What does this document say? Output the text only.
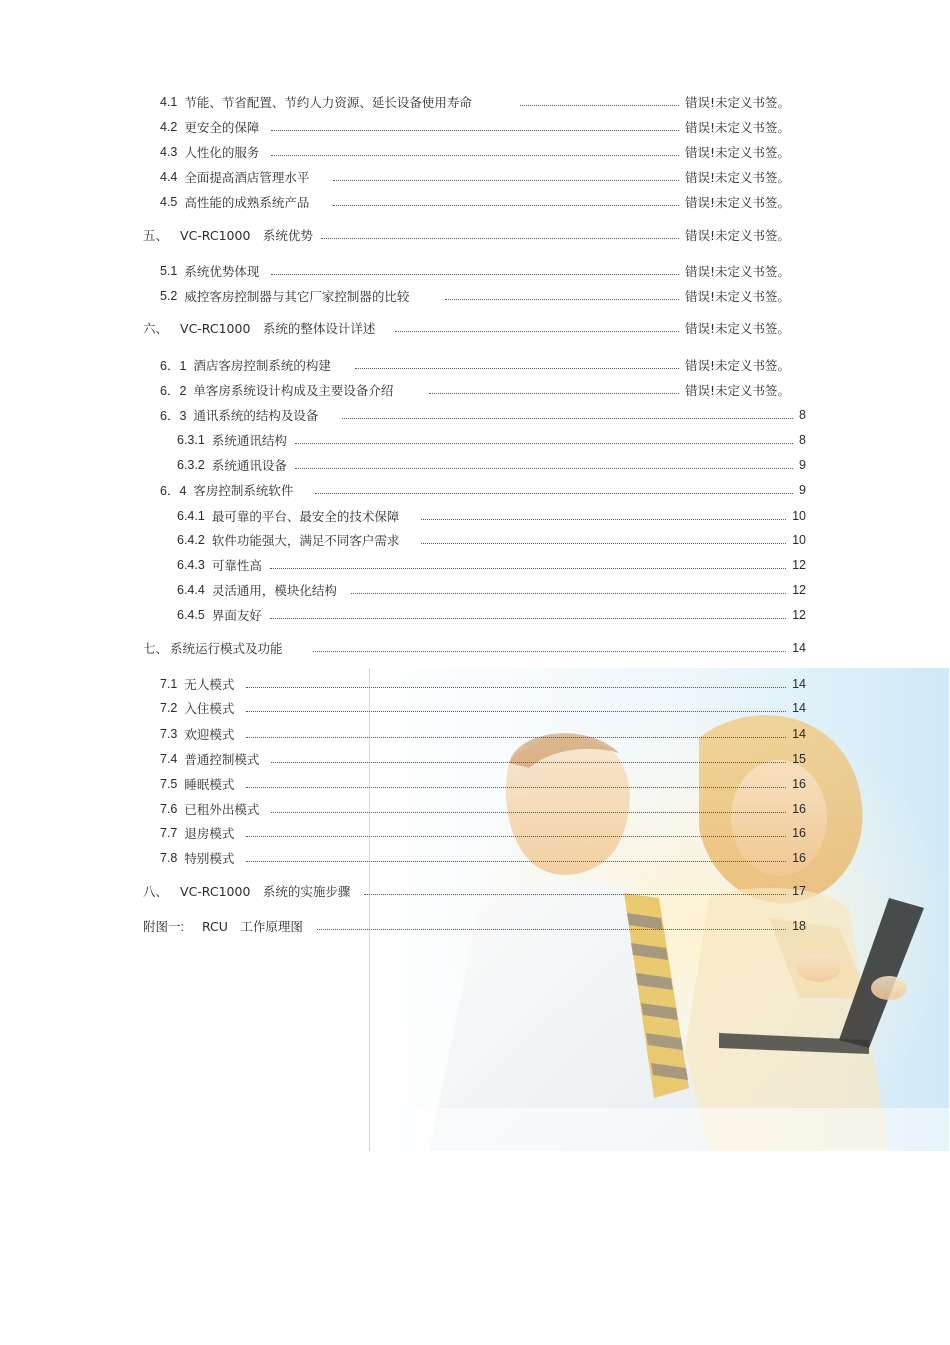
4.1 节能、节省配置、节约人力资源、延长设备使用寿命	错误!未定义书签。
4.2 更安全的保障	错误!未定义书签。
4.3 人性化的服务	错误!未定义书签。
4.4 全面提高酒店管理水平	错误!未定义书签。
4.5 高性能的成熟系统产品	错误!未定义书签。
五、 VC-RC1000　系统优势	错误!未定义书签。
5.1 系统优势体现	错误!未定义书签。
5.2 威控客房控制器与其它厂家控制器的比较	错误!未定义书签。
六、 VC-RC1000　系统的整体设计详述	错误!未定义书签。
6．1 酒店客房控制系统的构建	错误!未定义书签。
6．2 单客房系统设计构成及主要设备介绍	错误!未定义书签。
6．3 通讯系统的结构及设备	8
6.3.1 系统通讯结构	8
6.3.2 系统通讯设备	9
6．4 客房控制系统软件	9
6.4.1 最可靠的平台、最安全的技术保障	10
6.4.2 软件功能强大，满足不同客户需求	10
6.4.3 可靠性高	12
6.4.4 灵活通用，模块化结构	12
6.4.5 界面友好	12
七、 系统运行模式及功能	14
7.1 无人模式	14
7.2 入住模式	14
7.3 欢迎模式	14
7.4 普通控制模式	15
7.5 睡眠模式	16
7.6 已租外出模式	16
7.7 退房模式	16
7.8 特别模式	16
八、 VC-RC1000　系统的实施步骤	17
附图一: RCU　工作原理图	18
